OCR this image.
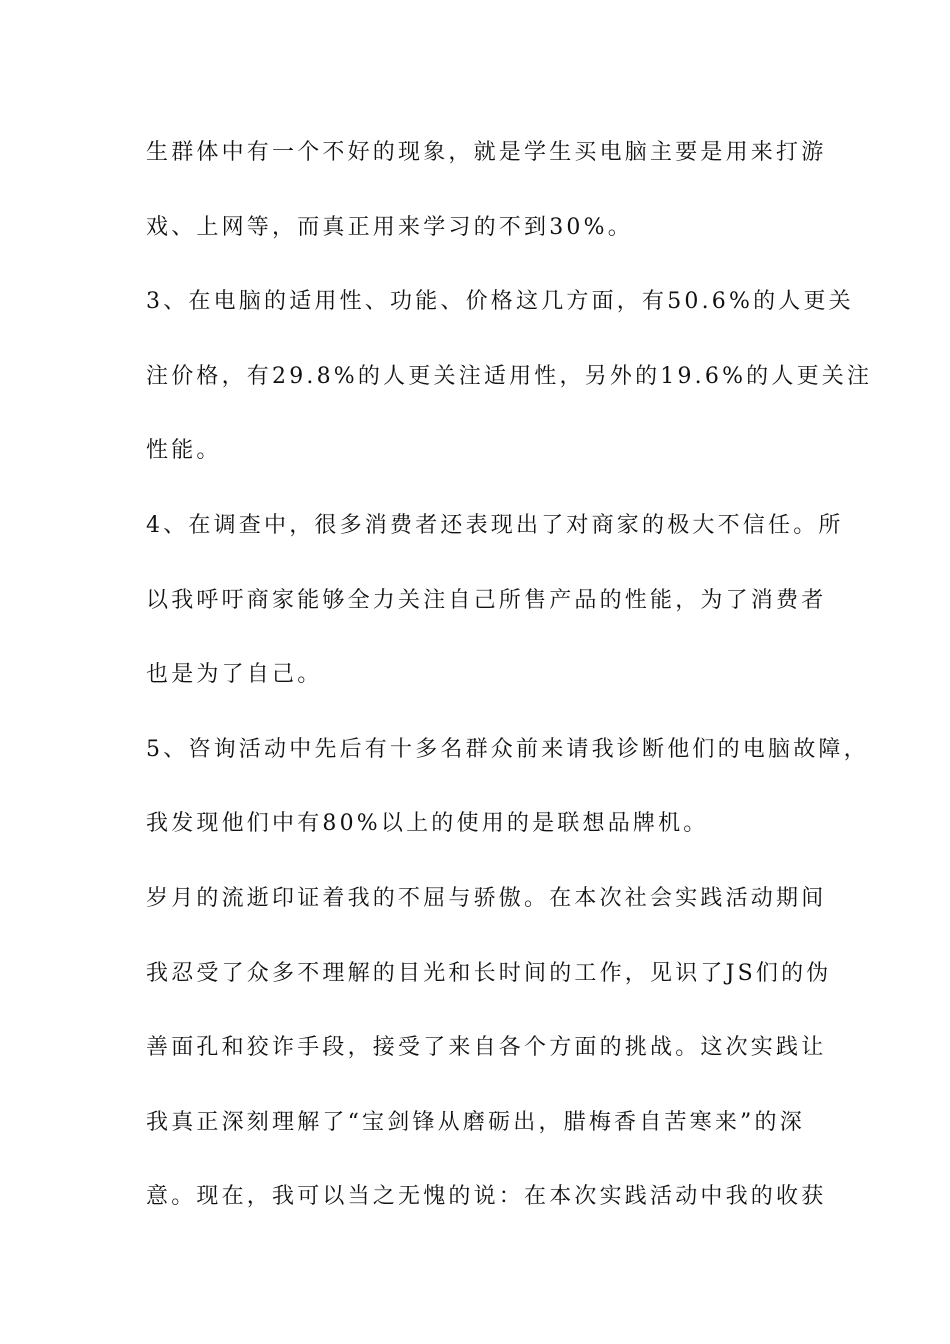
生群体中有一个不好的现象，就是学生买电脑主要是用来打游
戏、上网等，而真正用来学习的不到30%。
3、在电脑的适用性、功能、价格这几方面，有50.6%的人更关
注价格，有29.8%的人更关注适用性，另外的19.6%的人更关注
性能。
4、在调查中，很多消费者还表现出了对商家的极大不信任。所
以我呼吁商家能够全力关注自己所售产品的性能，为了消费者
也是为了自己。
5、咨询活动中先后有十多名群众前来请我诊断他们的电脑故障，
我发现他们中有80%以上的使用的是联想品牌机。
岁月的流逝印证着我的不屈与骄傲。在本次社会实践活动期间
我忍受了众多不理解的目光和长时间的工作，见识了JS们的伪
善面孔和狡诈手段，接受了来自各个方面的挑战。这次实践让
我真正深刻理解了“宝剑锋从磨砺出，腊梅香自苦寒来”的深
意。现在，我可以当之无愧的说：在本次实践活动中我的收获
